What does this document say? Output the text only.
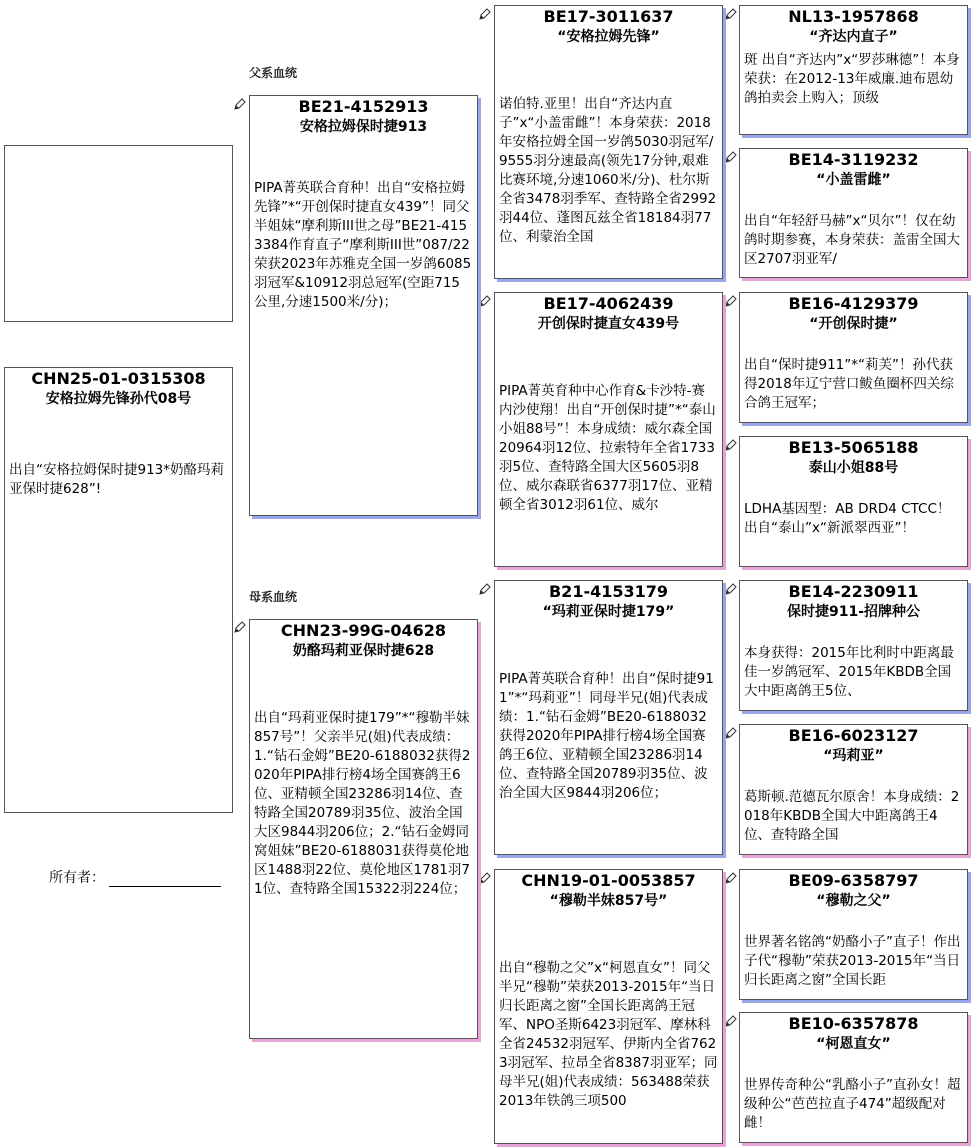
CHN25-01-0315308
安格拉姆先锋孙代08号
出自“安格拉姆保时捷913*奶酪玛莉亚保时捷628”!
所有者：
父系血统
母系血统
BE21-4152913
安格拉姆保时捷913
PIPA菁英联合育种！出自“安格拉姆先锋”*“开创保时捷直女439”！同父半姐妹“摩利斯III世之母”BE21-4153384作育直子“摩利斯III世”087/22荣获2023年苏雅克全国一岁鸽6085羽冠军&10912羽总冠军(空距715公里,分速1500米/分)；
CHN23-99G-04628
奶酪玛莉亚保时捷628
出自“玛莉亚保时捷179”*“穆勒半妹857号”！父亲半兄(姐)代表成绩：1.“钻石金姆”BE20-6188032获得2020年PIPA排行榜4场全国赛鸽王6位、亚精顿全国23286羽14位、查特路全国20789羽35位、波治全国大区9844羽206位；2.“钻石金姆同窝姐妹”BE20-6188031获得莫伦地区1488羽22位、莫伦地区1781羽71位、查特路全国15322羽224位；
BE17-3011637
“安格拉姆先锋”
诺伯特.亚里！出自“齐达内直子”x“小盖雷雌”！本身荣获：2018年安格拉姆全国一岁鸽5030羽冠军/9555羽分速最高(领先17分钟,艰难比赛环境,分速1060米/分)、杜尔斯全省3478羽季军、查特路全省2992羽44位、蓬图瓦兹全省18184羽77位、利蒙治全国
BE17-4062439
开创保时捷直女439号
PIPA菁英育种中心作育&卡沙特-赛内沙使翔！出自“开创保时捷”*“泰山小姐88号”！本身成绩：威尔森全国20964羽12位、拉索特年全省1733羽5位、查特路全国大区5605羽8位、威尔森联省6377羽17位、亚精顿全省3012羽61位、威尔
B21-4153179
“玛莉亚保时捷179”
PIPA菁英联合育种！出自“保时捷911”*“玛莉亚”！同母半兄(姐)代表成绩：1.“钻石金姆”BE20-6188032获得2020年PIPA排行榜4场全国赛鸽王6位、亚精顿全国23286羽14位、查特路全国20789羽35位、波治全国大区9844羽206位；
CHN19-01-0053857
“穆勒半妹857号”
出自“穆勒之父”x“柯恩直女”！同父半兄“穆勒”荣获2013-2015年“当日归长距离之窗”全国长距离鸽王冠军、NPO圣斯6423羽冠军、摩林科全省24532羽冠军、伊斯内全省7623羽冠军、拉昂全省8387羽亚军；同母半兄(姐)代表成绩：563488荣获2013年铁鸽三项500
NL13-1957868
“齐达内直子”
斑 出自“齐达内”x“罗莎琳德”！本身荣获：在2012-13年威廉.迪布恩幼鸽拍卖会上购入；顶级
BE14-3119232
“小盖雷雌”
出自“年轻舒马赫”x“贝尔”！仅在幼鸽时期参赛，本身荣获：盖雷全国大区2707羽亚军/
BE16-4129379
“开创保时捷”
出自“保时捷911”*“莉芙”！孙代获得2018年辽宁营口鲅鱼圈杯四关综合鸽王冠军；
BE13-5065188
泰山小姐88号
LDHA基因型：AB DRD4 CTCC！出自“泰山”x“新派翠西亚”！
BE14-2230911
保时捷911-招牌种公
本身获得：2015年比利时中距离最佳一岁鸽冠军、2015年KBDB全国大中距离鸽王5位、
BE16-6023127
“玛莉亚”
葛斯顿.范德瓦尔原舍！本身成绩：2018年KBDB全国大中距离鸽王4位、查特路全国
BE09-6358797
“穆勒之父”
世界著名铭鸽“奶酪小子”直子！作出子代“穆勒”荣获2013-2015年“当日归长距离之窗”全国长距
BE10-6357878
“柯恩直女”
世界传奇种公“乳酪小子”直孙女！超级种公“芭芭拉直子474”超级配对雌！
